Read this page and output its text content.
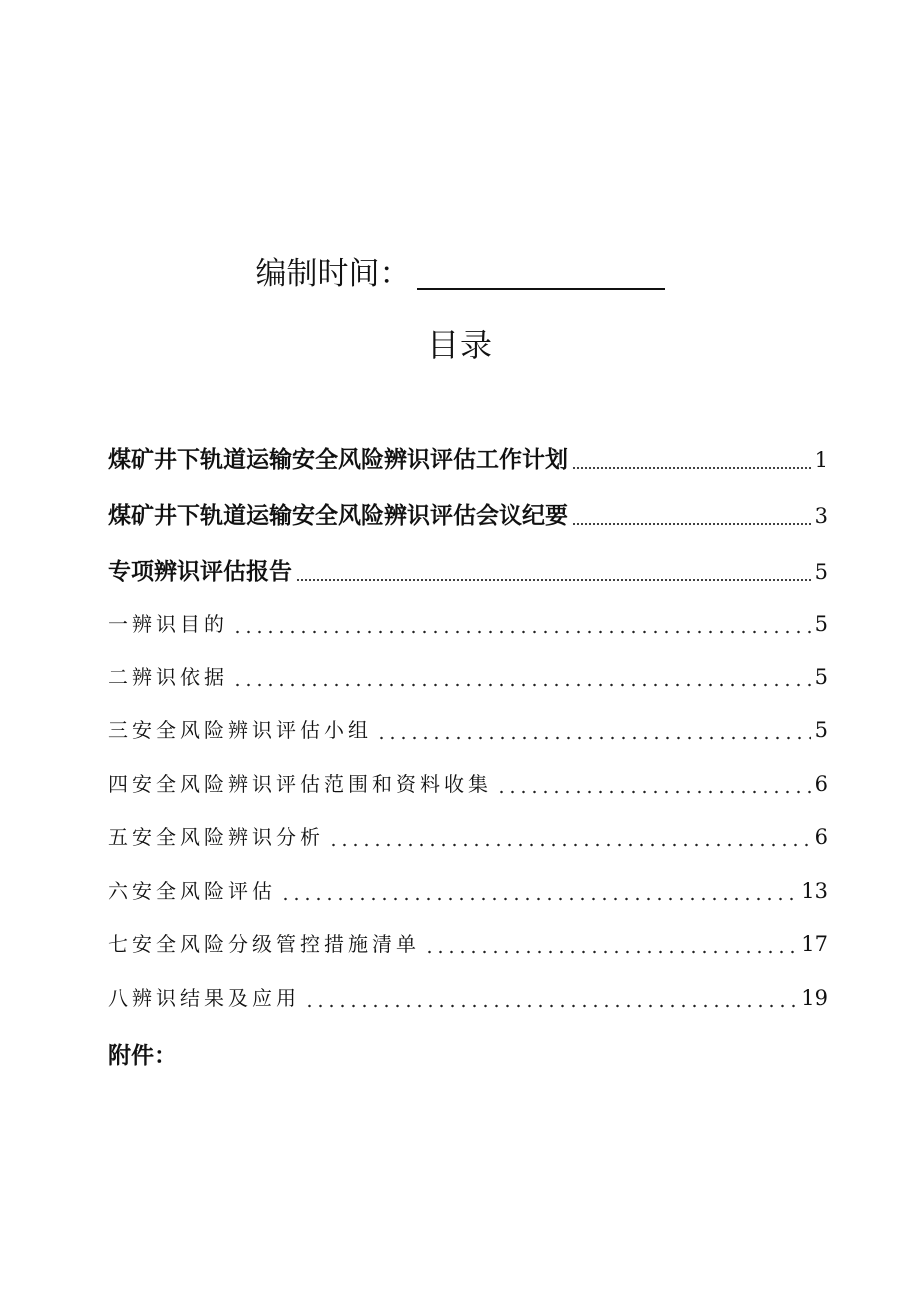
编制时间：
目录
煤矿井下轨道运输安全风险辨识评估工作计划	1
煤矿井下轨道运输安全风险辨识评估会议纪要	3
专项辨识评估报告	5
一辨识目的	5
二辨识依据	5
三安全风险辨识评估小组	5
四安全风险辨识评估范围和资料收集	6
五安全风险辨识分析	6
六安全风险评估	13
七安全风险分级管控措施清单	17
八辨识结果及应用	19
附件：
